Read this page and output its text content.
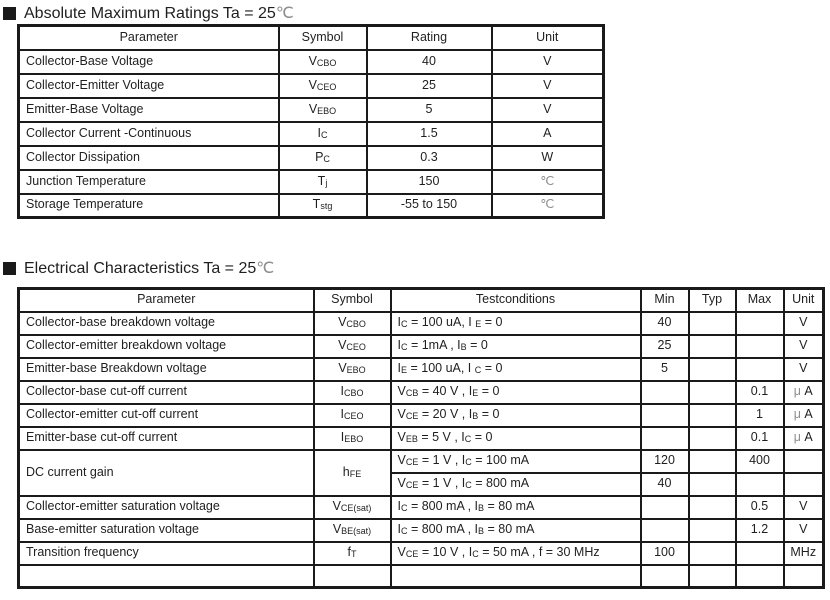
Absolute Maximum Ratings Ta = 25℃
Parameter	Symbol	Rating	Unit
Collector-Base Voltage	VCBO	40	V
Collector-Emitter Voltage	VCEO	25	V
Emitter-Base Voltage	VEBO	5	V
Collector Current -Continuous	IC	1.5	A
Collector Dissipation	PC	0.3	W
Junction Temperature	Tj	150	℃
Storage Temperature	Tstg	-55 to 150	℃
Electrical Characteristics Ta = 25℃
Parameter	Symbol	Testconditions	Min	Typ	Max	Unit
Collector-base breakdown voltage	VCBO	IC = 100 uA, I E = 0	40			V
Collector-emitter breakdown voltage	VCEO	IC = 1mA , IB = 0	25			V
Emitter-base Breakdown voltage	VEBO	IE = 100 uA, I C = 0	5			V
Collector-base cut-off current	ICBO	VCB = 40 V , IE = 0			0.1	μ A
Collector-emitter cut-off current	ICEO	VCE = 20 V , IB = 0			1	μ A
Emitter-base cut-off current	IEBO	VEB = 5 V , IC = 0			0.1	μ A
DC current gain	hFE	VCE = 1 V , IC = 100 mA	120		400	
		VCE = 1 V , IC = 800 mA	40			
Collector-emitter saturation voltage	VCE(sat)	IC = 800 mA , IB = 80 mA			0.5	V
Base-emitter saturation voltage	VBE(sat)	IC = 800 mA , IB = 80 mA			1.2	V
Transition frequency	fT	VCE = 10 V , IC = 50 mA , f = 30 MHz	100			MHz
